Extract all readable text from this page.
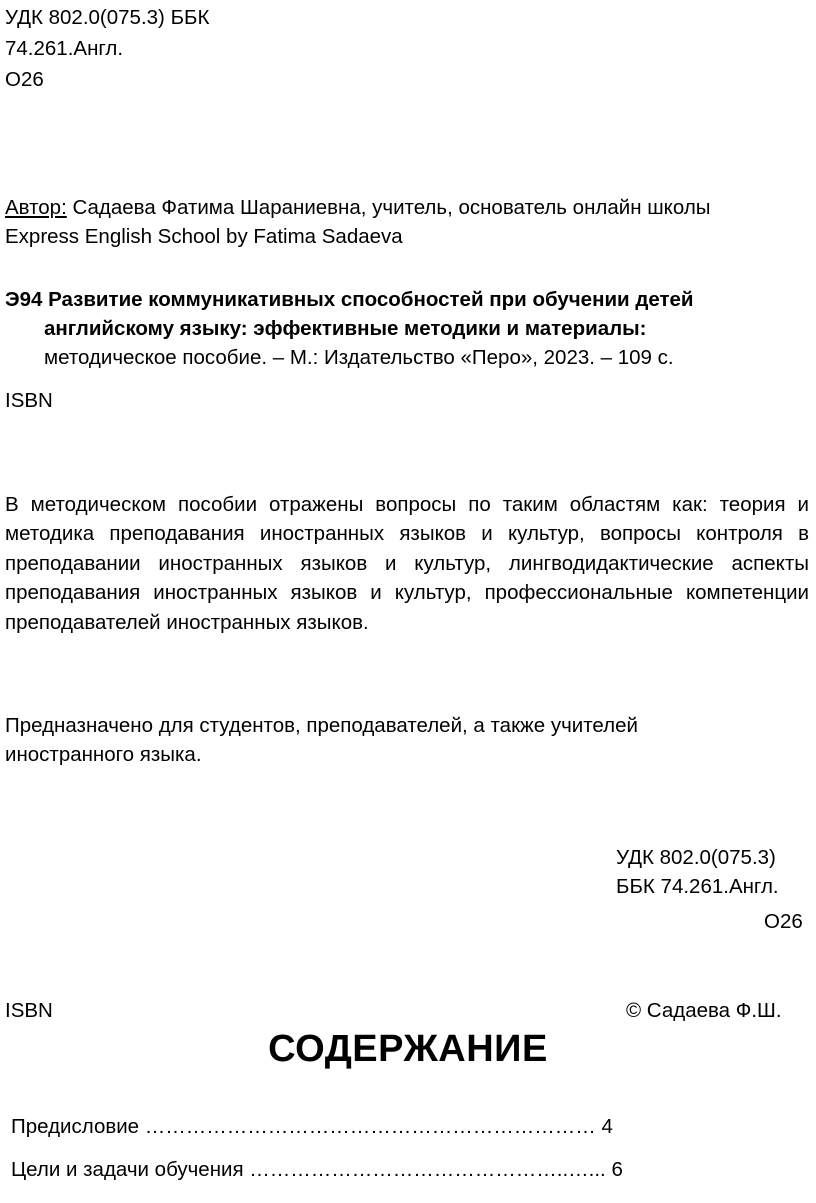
УДК 802.0(075.3) ББК
74.261.Англ.
О26
Автор: Садаева Фатима Шараниевна, учитель, основатель онлайн школы
Express English School by Fatima Sadaeva
Э94 Развитие коммуникативных способностей при обучении детей
английскому языку: эффективные методики и материалы:
методическое пособие. – М.: Издательство «Перо», 2023. – 109 с.
ISBN
В методическом пособии отражены вопросы по таким областям как: теория и методика преподавания иностранных языков и культур, вопросы контроля в преподавании иностранных языков и культур, лингводидактические аспекты преподавания иностранных языков и культур, профессиональные компетенции преподавателей иностранных языков.
Предназначено для студентов, преподавателей, а также учителей иностранного языка.
УДК 802.0(075.3)
ББК 74.261.Англ.
О26
ISBN	© Садаева Ф.Ш.
СОДЕРЖАНИЕ
Предисловие ………………………………………………………… 4
Цели и задачи обучения ………………………………………..…... 6
